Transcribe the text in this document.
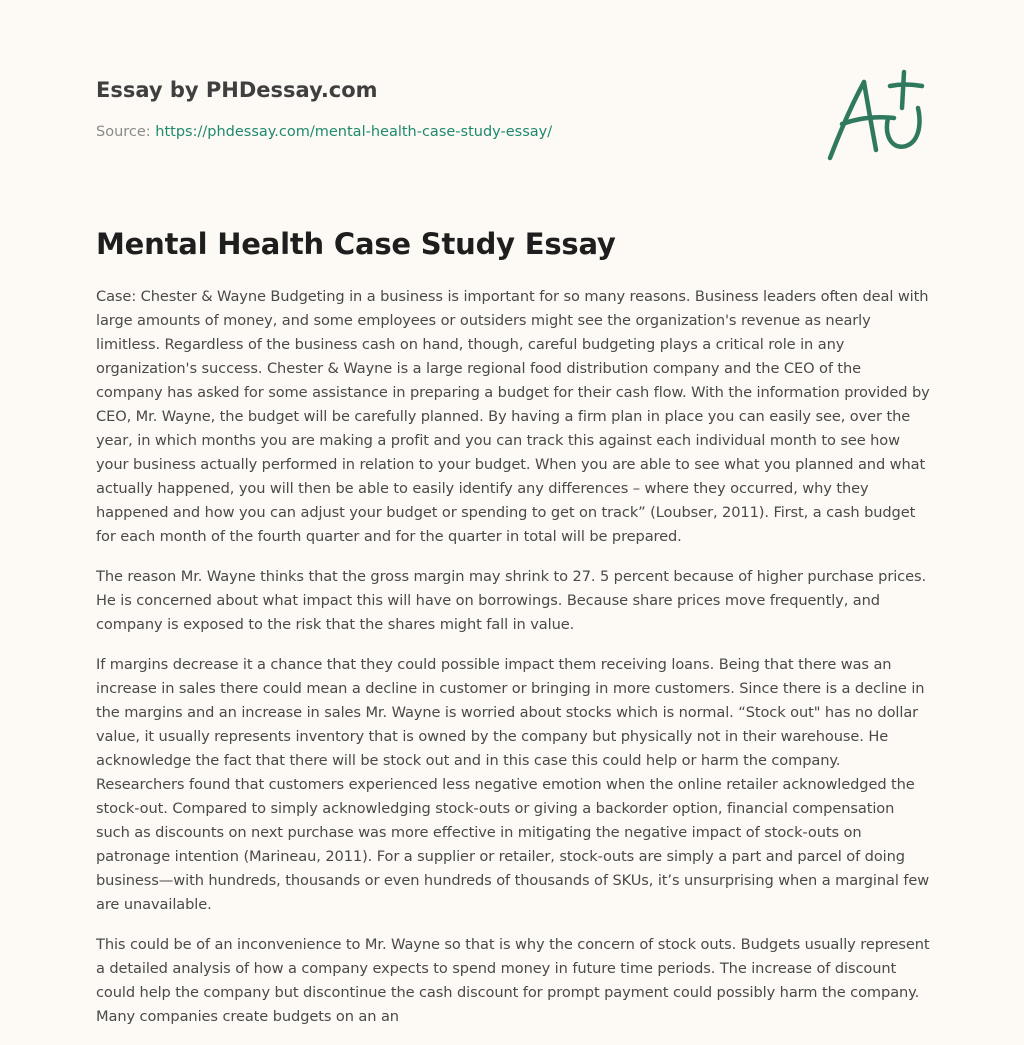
Essay by PHDessay.com
Source: https://phdessay.com/mental-health-case-study-essay/
Mental Health Case Study Essay

Case: Chester & Wayne Budgeting in a business is important for so many reasons. Business leaders often deal with large amounts of money, and some employees or outsiders might see the organization's revenue as nearly limitless. Regardless of the business cash on hand, though, careful budgeting plays a critical role in any organization's success. Chester & Wayne is a large regional food distribution company and the CEO of the company has asked for some assistance in preparing a budget for their cash flow. With the information provided by CEO, Mr. Wayne, the budget will be carefully planned. By having a firm plan in place you can easily see, over the year, in which months you are making a profit and you can track this against each individual month to see how your business actually performed in relation to your budget. When you are able to see what you planned and what actually happened, you will then be able to easily identify any differences – where they occurred, why they happened and how you can adjust your budget or spending to get on track” (Loubser, 2011). First, a cash budget for each month of the fourth quarter and for the quarter in total will be prepared.

The reason Mr. Wayne thinks that the gross margin may shrink to 27. 5 percent because of higher purchase prices. He is concerned about what impact this will have on borrowings. Because share prices move frequently, and company is exposed to the risk that the shares might fall in value.

If margins decrease it a chance that they could possible impact them receiving loans. Being that there was an increase in sales there could mean a decline in customer or bringing in more customers. Since there is a decline in the margins and an increase in sales Mr. Wayne is worried about stocks which is normal. “Stock out" has no dollar value, it usually represents inventory that is owned by the company but physically not in their warehouse. He acknowledge the fact that there will be stock out and in this case this could help or harm the company. Researchers found that customers experienced less negative emotion when the online retailer acknowledged the stock-out. Compared to simply acknowledging stock-outs or giving a backorder option, financial compensation such as discounts on next purchase was more effective in mitigating the negative impact of stock-outs on patronage intention (Marineau, 2011). For a supplier or retailer, stock-outs are simply a part and parcel of doing business—with hundreds, thousands or even hundreds of thousands of SKUs, it’s unsurprising when a marginal few are unavailable.

This could be of an inconvenience to Mr. Wayne so that is why the concern of stock outs. Budgets usually represent a detailed analysis of how a company expects to spend money in future time periods. The increase of discount could help the company but discontinue the cash discount for prompt payment could possibly harm the company. Many companies create budgets on an an
